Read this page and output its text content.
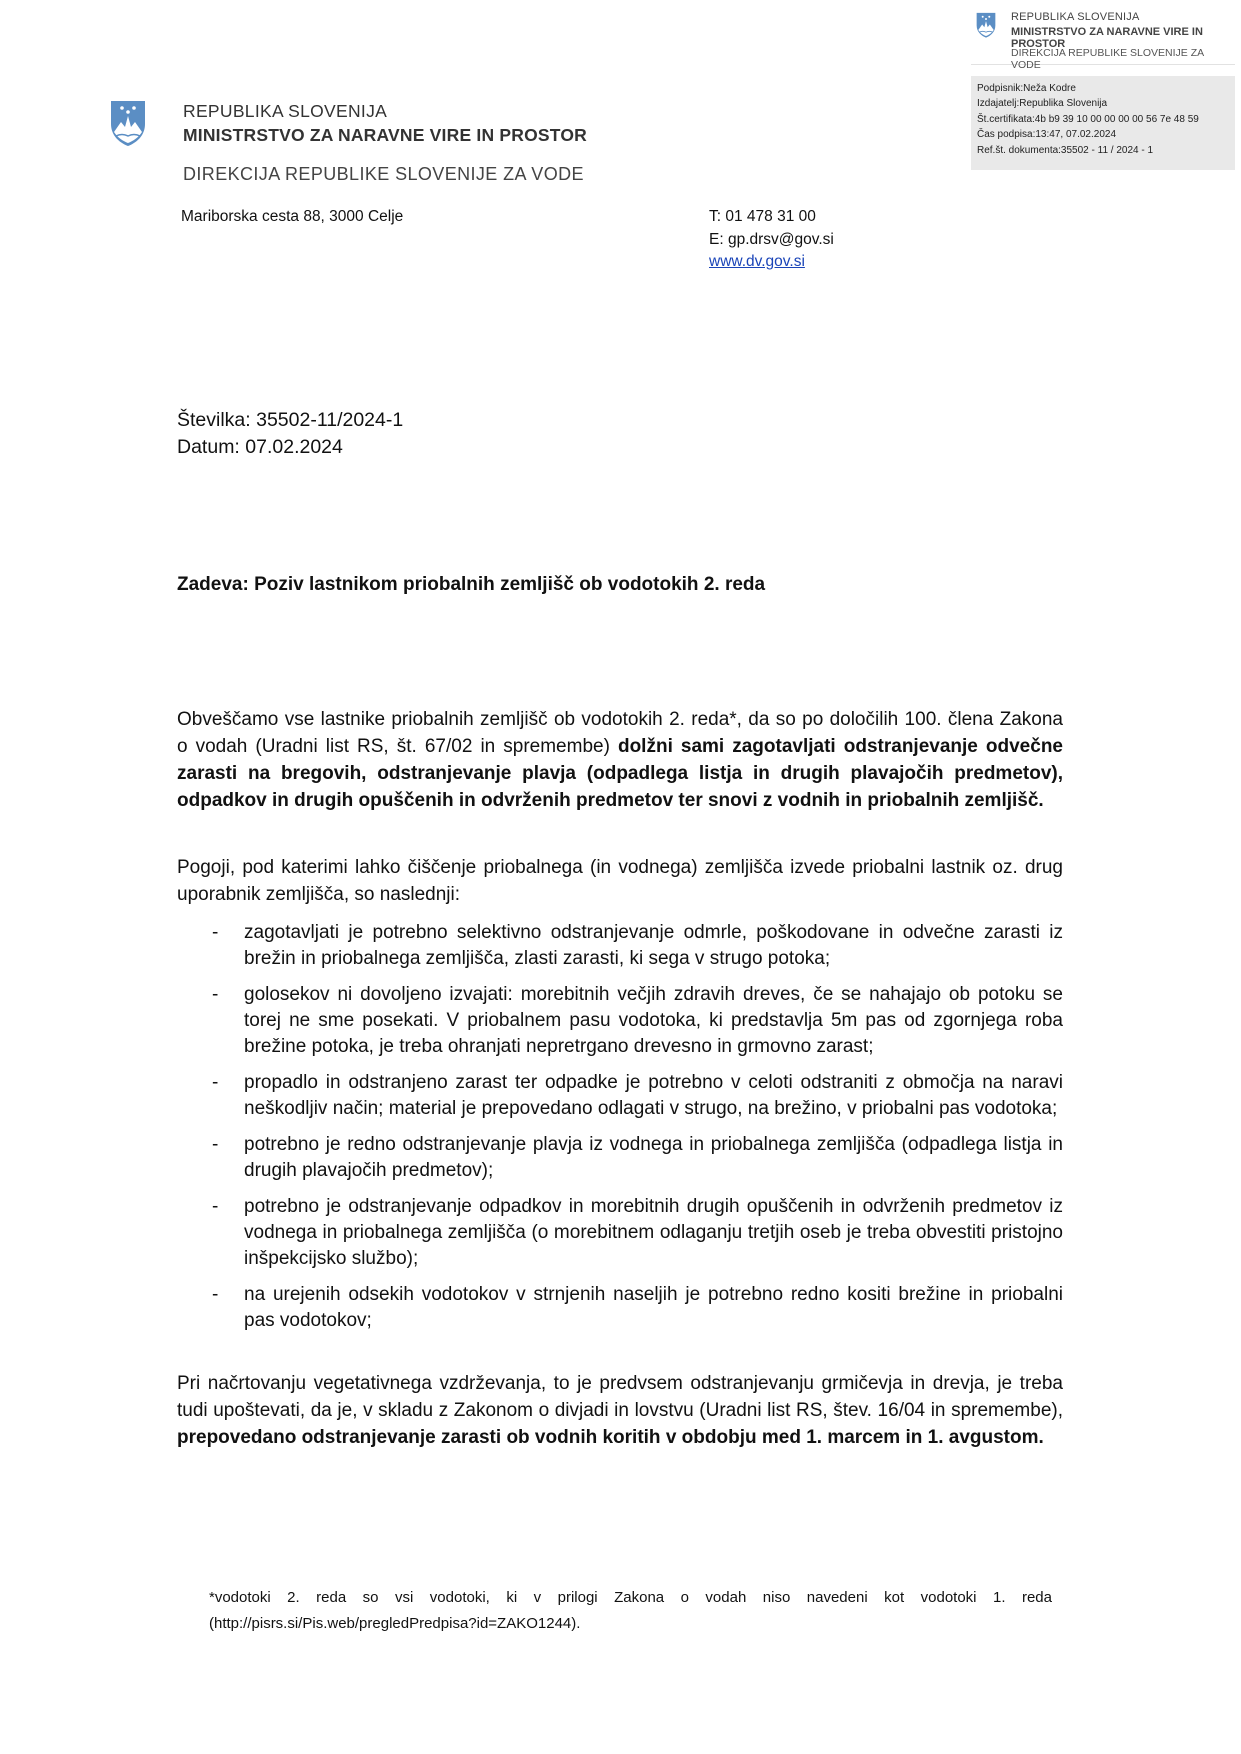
REPUBLIKA SLOVENIJA
MINISTRSTVO ZA NARAVNE VIRE IN PROSTOR
DIREKCIJA REPUBLIKE SLOVENIJE ZA VODE
Podpisnik:Neža Kodre
Izdajatelj:Republika Slovenija
Št.certifikata:4b b9 39 10 00 00 00 00 56 7e 48 59
Čas podpisa:13:47, 07.02.2024
Ref.št. dokumenta:35502 - 11 / 2024 - 1
REPUBLIKA SLOVENIJA
MINISTRSTVO ZA NARAVNE VIRE IN PROSTOR
DIREKCIJA REPUBLIKE SLOVENIJE ZA VODE
Mariborska cesta 88, 3000 Celje	T: 01 478 31 00
E: gp.drsv@gov.si
www.dv.gov.si
Številka: 35502-11/2024-1
Datum: 07.02.2024
Zadeva: Poziv lastnikom priobalnih zemljišč ob vodotokih 2. reda
Obveščamo vse lastnike priobalnih zemljišč ob vodotokih 2. reda*, da so po določilih 100. člena Zakona o vodah (Uradni list RS, št. 67/02 in spremembe) dolžni sami zagotavljati odstranjevanje odvečne zarasti na bregovih, odstranjevanje plavja (odpadlega listja in drugih plavajočih predmetov), odpadkov in drugih opuščenih in odvrženih predmetov ter snovi z vodnih in priobalnih zemljišč.
Pogoji, pod katerimi lahko čiščenje priobalnega (in vodnega) zemljišča izvede priobalni lastnik oz. drug uporabnik zemljišča, so naslednji:
- zagotavljati je potrebno selektivno odstranjevanje odmrle, poškodovane in odvečne zarasti iz brežin in priobalnega zemljišča, zlasti zarasti, ki sega v strugo potoka;
- golosekov ni dovoljeno izvajati: morebitnih večjih zdravih dreves, če se nahajajo ob potoku se torej ne sme posekati. V priobalnem pasu vodotoka, ki predstavlja 5m pas od zgornjega roba brežine potoka, je treba ohranjati nepretrgano drevesno in grmovno zarast;
- propadlo in odstranjeno zarast ter odpadke je potrebno v celoti odstraniti z območja na naravi neškodljiv način; material je prepovedano odlagati v strugo, na brežino, v priobalni pas vodotoka;
- potrebno je redno odstranjevanje plavja iz vodnega in priobalnega zemljišča (odpadlega listja in drugih plavajočih predmetov);
- potrebno je odstranjevanje odpadkov in morebitnih drugih opuščenih in odvrženih predmetov iz vodnega in priobalnega zemljišča (o morebitnem odlaganju tretjih oseb je treba obvestiti pristojno inšpekcijsko službo);
- na urejenih odsekih vodotokov v strnjenih naseljih je potrebno redno kositi brežine in priobalni pas vodotokov;
Pri načrtovanju vegetativnega vzdrževanja, to je predvsem odstranjevanju grmičevja in drevja, je treba tudi upoštevati, da je, v skladu z Zakonom o divjadi in lovstvu (Uradni list RS, štev. 16/04 in spremembe), prepovedano odstranjevanje zarasti ob vodnih koritih v obdobju med 1. marcem in 1. avgustom.
*vodotoki 2. reda so vsi vodotoki, ki v prilogi Zakona o vodah niso navedeni kot vodotoki 1. reda (http://pisrs.si/Pis.web/pregledPredpisa?id=ZAKO1244).
